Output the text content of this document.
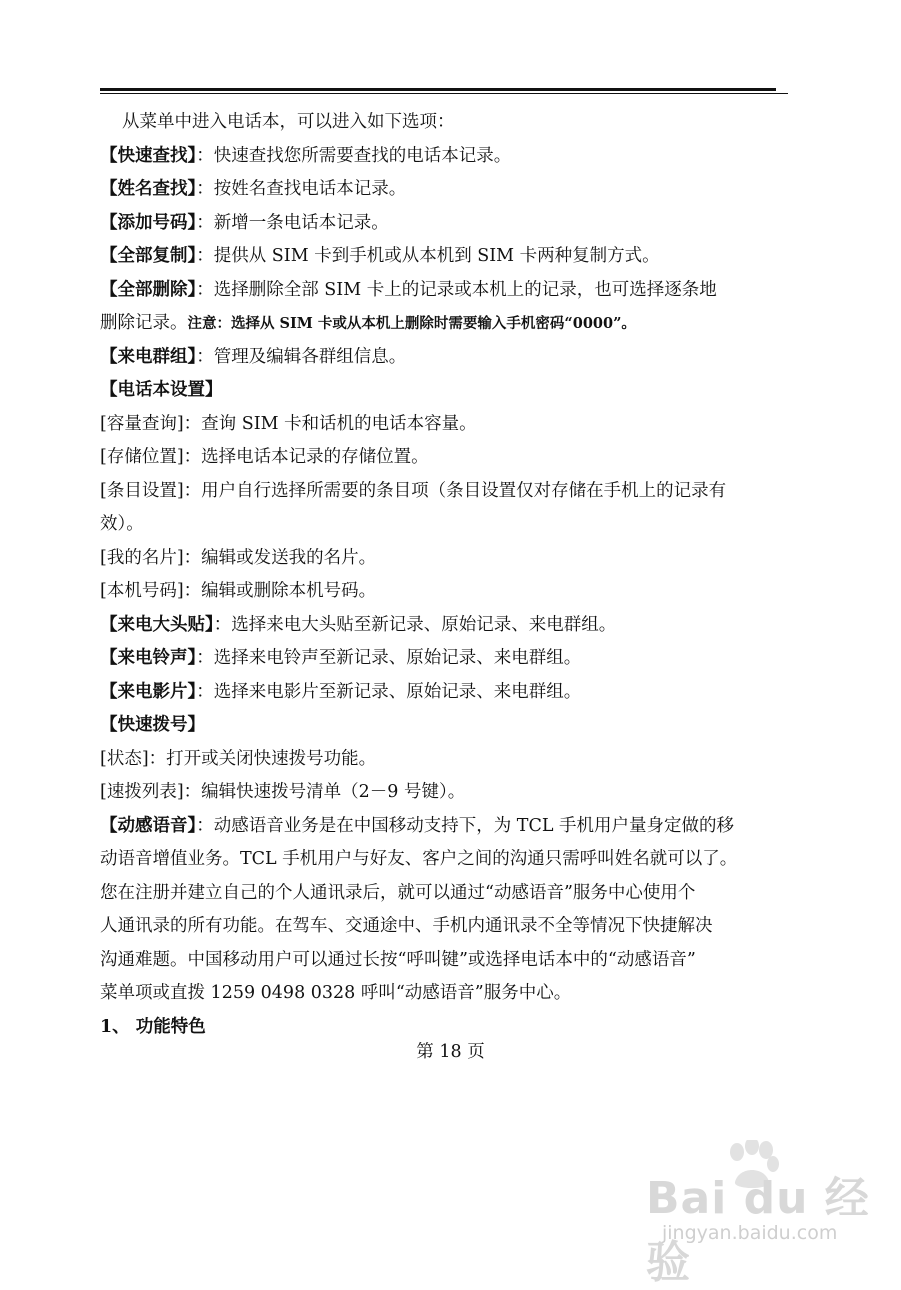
从菜单中进入电话本，可以进入如下选项：
【快速查找】：快速查找您所需要查找的电话本记录。
【姓名查找】：按姓名查找电话本记录。
【添加号码】：新增一条电话本记录。
【全部复制】：提供从 SIM 卡到手机或从本机到 SIM 卡两种复制方式。
【全部删除】：选择删除全部 SIM 卡上的记录或本机上的记录，也可选择逐条地
删除记录。注意：选择从 SIM 卡或从本机上删除时需要输入手机密码“0000”。
【来电群组】：管理及编辑各群组信息。
【电话本设置】
[容量查询]：查询 SIM 卡和话机的电话本容量。
[存储位置]：选择电话本记录的存储位置。
[条目设置]：用户自行选择所需要的条目项（条目设置仅对存储在手机上的记录有
效）。
[我的名片]：编辑或发送我的名片。
[本机号码]：编辑或删除本机号码。
【来电大头贴】：选择来电大头贴至新记录、原始记录、来电群组。
【来电铃声】：选择来电铃声至新记录、原始记录、来电群组。
【来电影片】：选择来电影片至新记录、原始记录、来电群组。
【快速拨号】
[状态]：打开或关闭快速拨号功能。
[速拨列表]：编辑快速拨号清单（2－9 号键）。
【动感语音】：动感语音业务是在中国移动支持下，为 TCL 手机用户量身定做的移
动语音增值业务。TCL 手机用户与好友、客户之间的沟通只需呼叫姓名就可以了。
您在注册并建立自己的个人通讯录后，就可以通过“动感语音”服务中心使用个
人通讯录的所有功能。在驾车、交通途中、手机内通讯录不全等情况下快捷解决
沟通难题。中国移动用户可以通过长按“呼叫键”或选择电话本中的“动感语音”
菜单项或直拨 1259 0498 0328 呼叫“动感语音”服务中心。
1、 功能特色
第 18 页
Bai du 经验
jingyan.baidu.com
